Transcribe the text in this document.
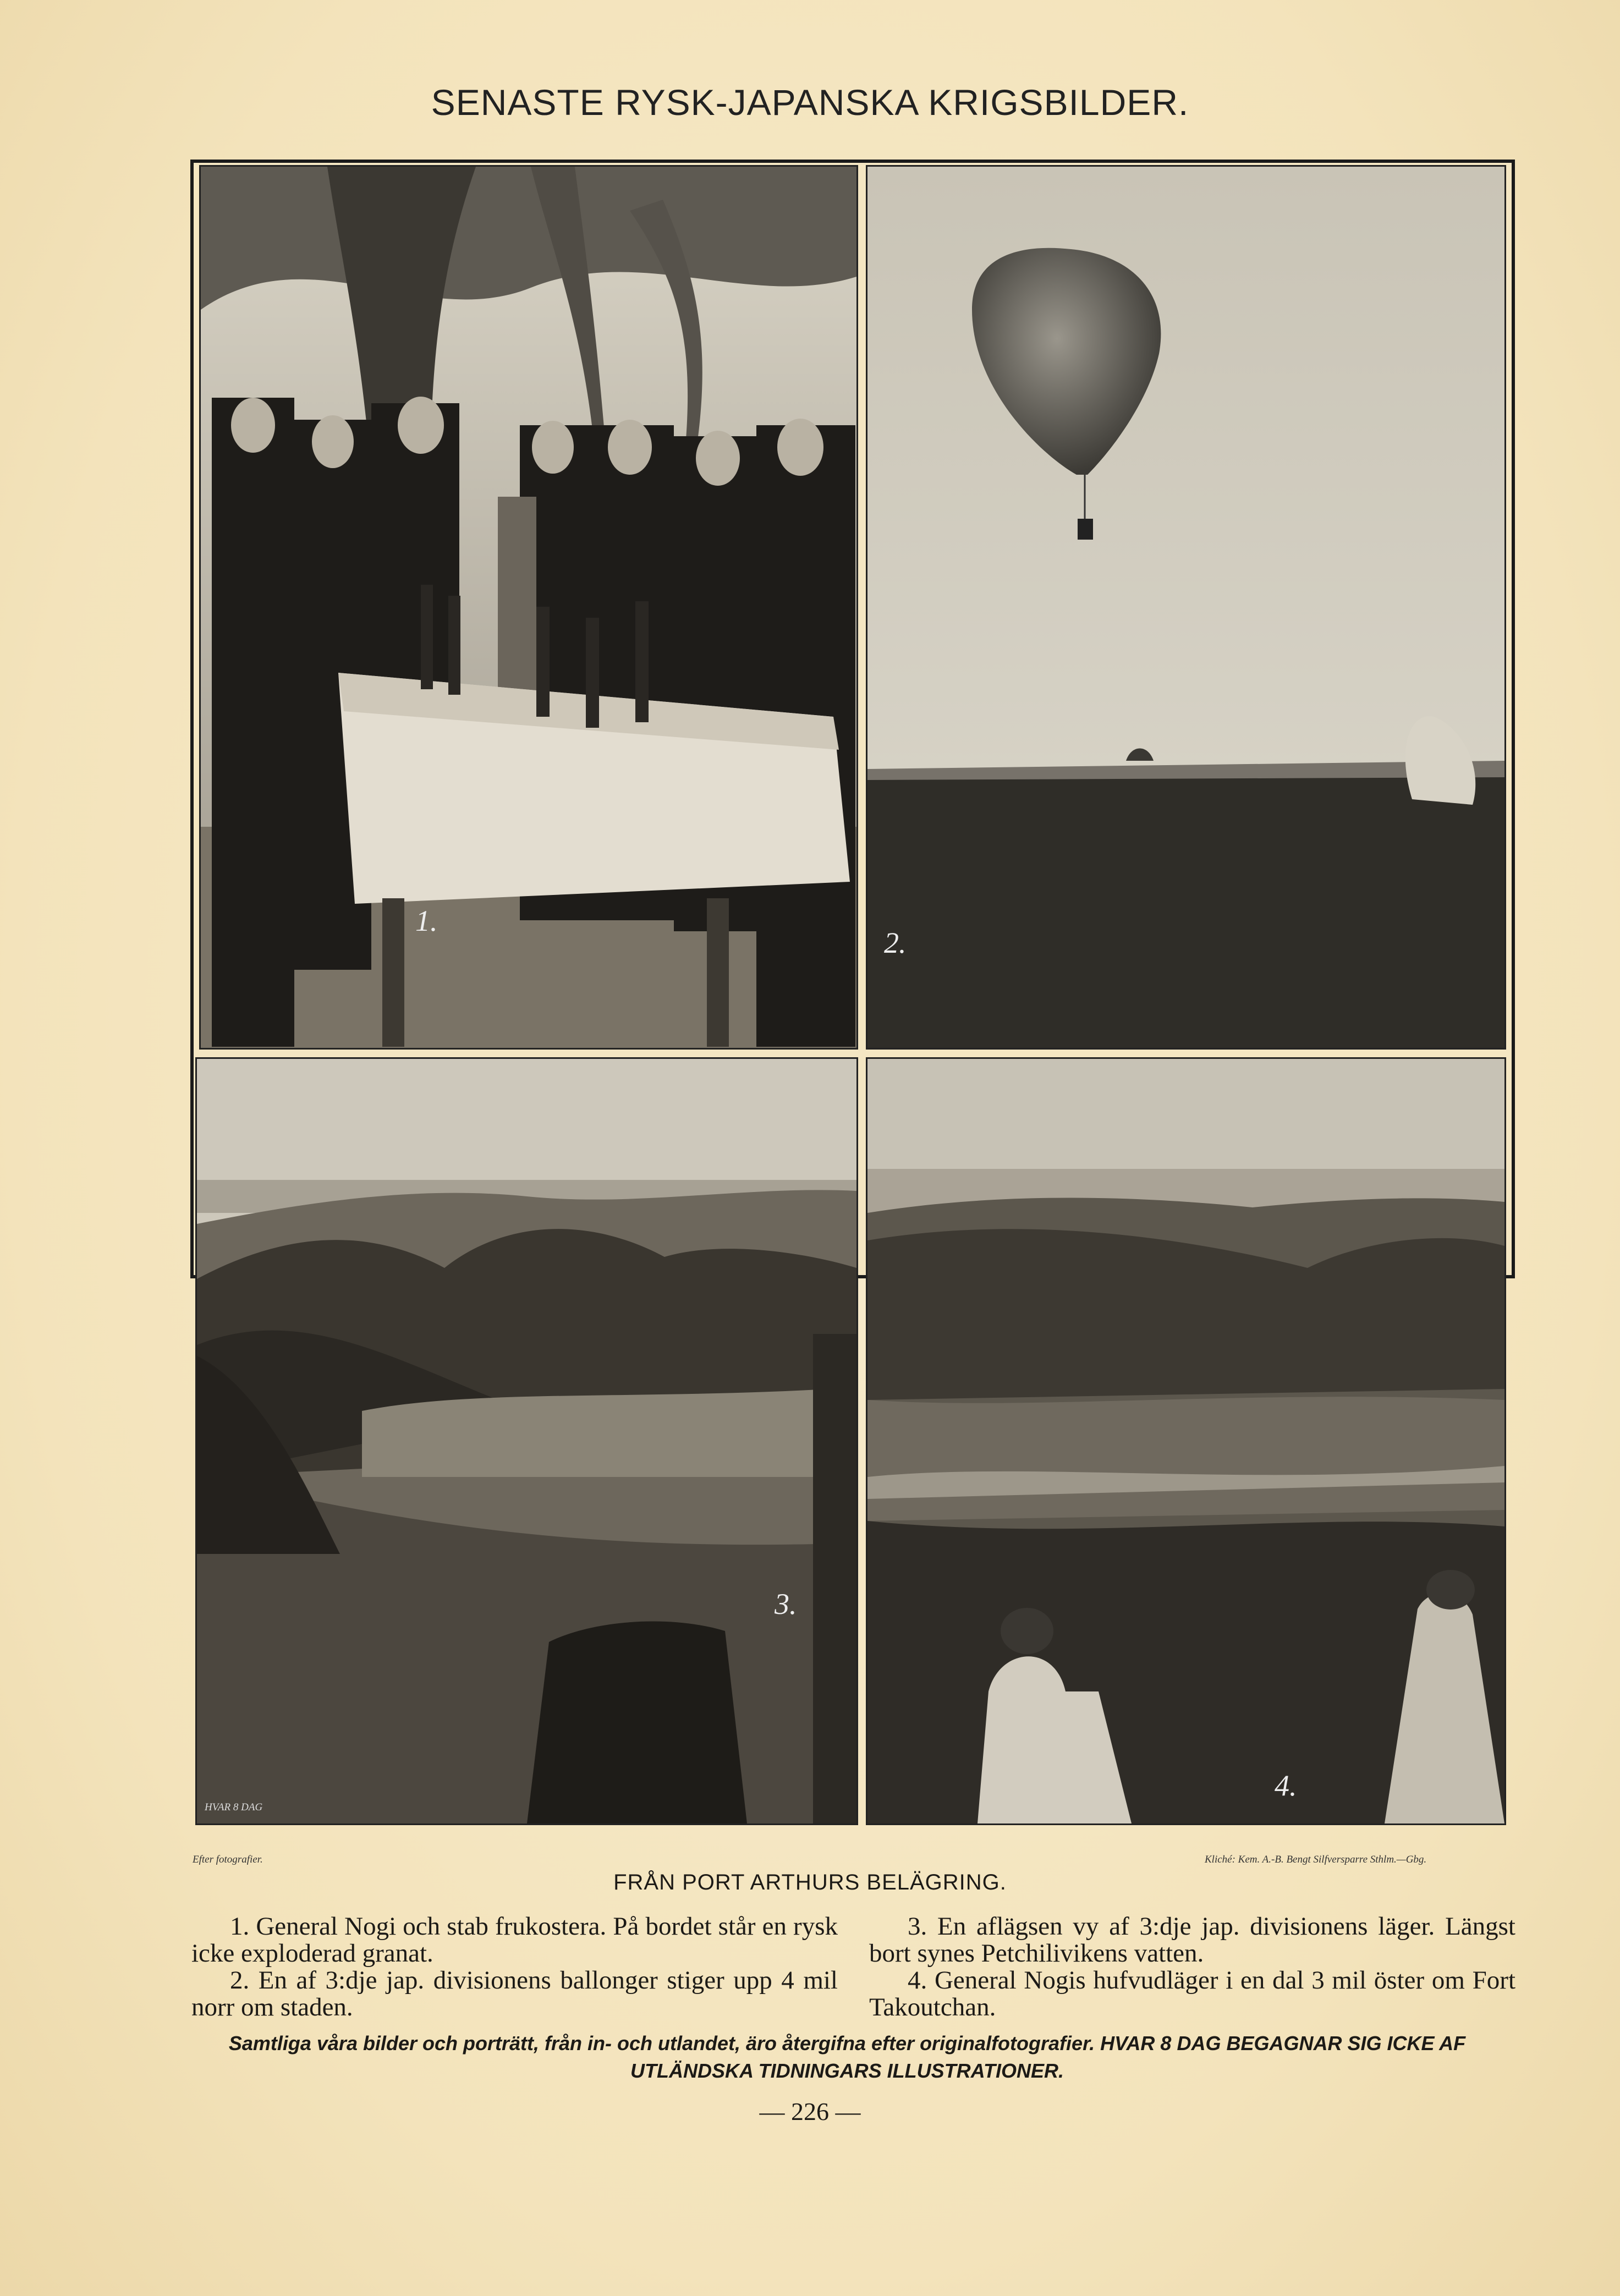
SENASTE RYSK-JAPANSKA KRIGSBILDER.
1.
2.
3.
HVAR 8 DAG
4.
Efter fotografier.	Kliché: Kem. A.-B. Bengt Silfversparre Sthlm.—Gbg.
FRÅN PORT ARTHURS BELÄGRING.

1. General Nogi och stab frukostera. På bordet står en rysk icke exploderad granat.

2. En af 3:dje jap. divisionens ballonger stiger upp 4 mil norr om staden.

3. En aflägsen vy af 3:dje jap. divisionens läger. Längst bort synes Petchilivikens vatten.

4. General Nogis hufvudläger i en dal 3 mil öster om Fort Takoutchan.

Samtliga våra bilder och porträtt, från in- och utlandet, äro återgifna efter originalfotografier. HVAR 8 DAG BEGAGNAR SIG ICKE AF UTLÄNDSKA TIDNINGARS ILLUSTRATIONER.
— 226 —
